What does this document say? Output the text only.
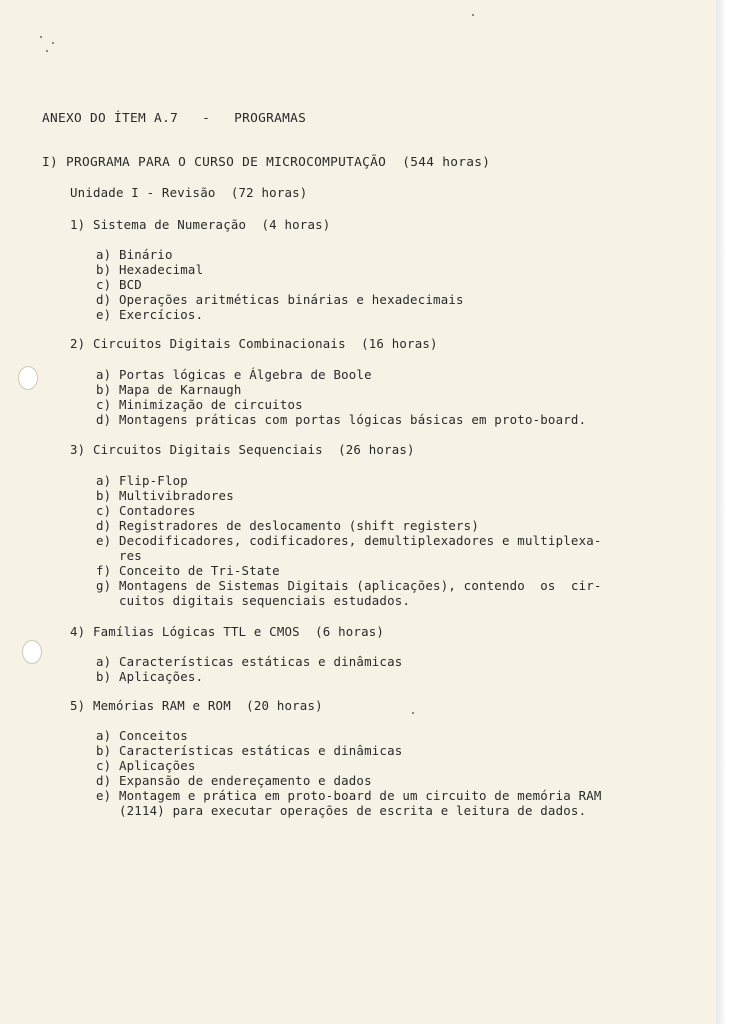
ANEXO DO ÍTEM A.7   -   PROGRAMAS

I) PROGRAMA PARA O CURSO DE MICROCOMPUTAÇÃO  (544 horas)

Unidade I - Revisão  (72 horas)

1) Sistema de Numeração  (4 horas)

a) Binário

b) Hexadecimal

c) BCD

d) Operações aritméticas binárias e hexadecimais

e) Exercícios.

2) Circuitos Digitais Combinacionais  (16 horas)

a) Portas lógicas e Álgebra de Boole

b) Mapa de Karnaugh

c) Minimização de circuitos

d) Montagens práticas com portas lógicas básicas em proto-board.

3) Circuitos Digitais Sequenciais  (26 horas)

a) Flip-Flop

b) Multivibradores

c) Contadores

d) Registradores de deslocamento (shift registers)

e) Decodificadores, codificadores, demultiplexadores e multiplexa-

res

f) Conceito de Tri-State

g) Montagens de Sistemas Digitais (aplicações), contendo  os  cir-

cuitos digitais sequenciais estudados.

4) Famílias Lógicas TTL e CMOS  (6 horas)

a) Características estáticas e dinâmicas

b) Aplicações.

5) Memórias RAM e ROM  (20 horas)

a) Conceitos

b) Características estáticas e dinâmicas

c) Aplicações

d) Expansão de endereçamento e dados

e) Montagem e prática em proto-board de um circuito de memória RAM

(2114) para executar operações de escrita e leitura de dados.
